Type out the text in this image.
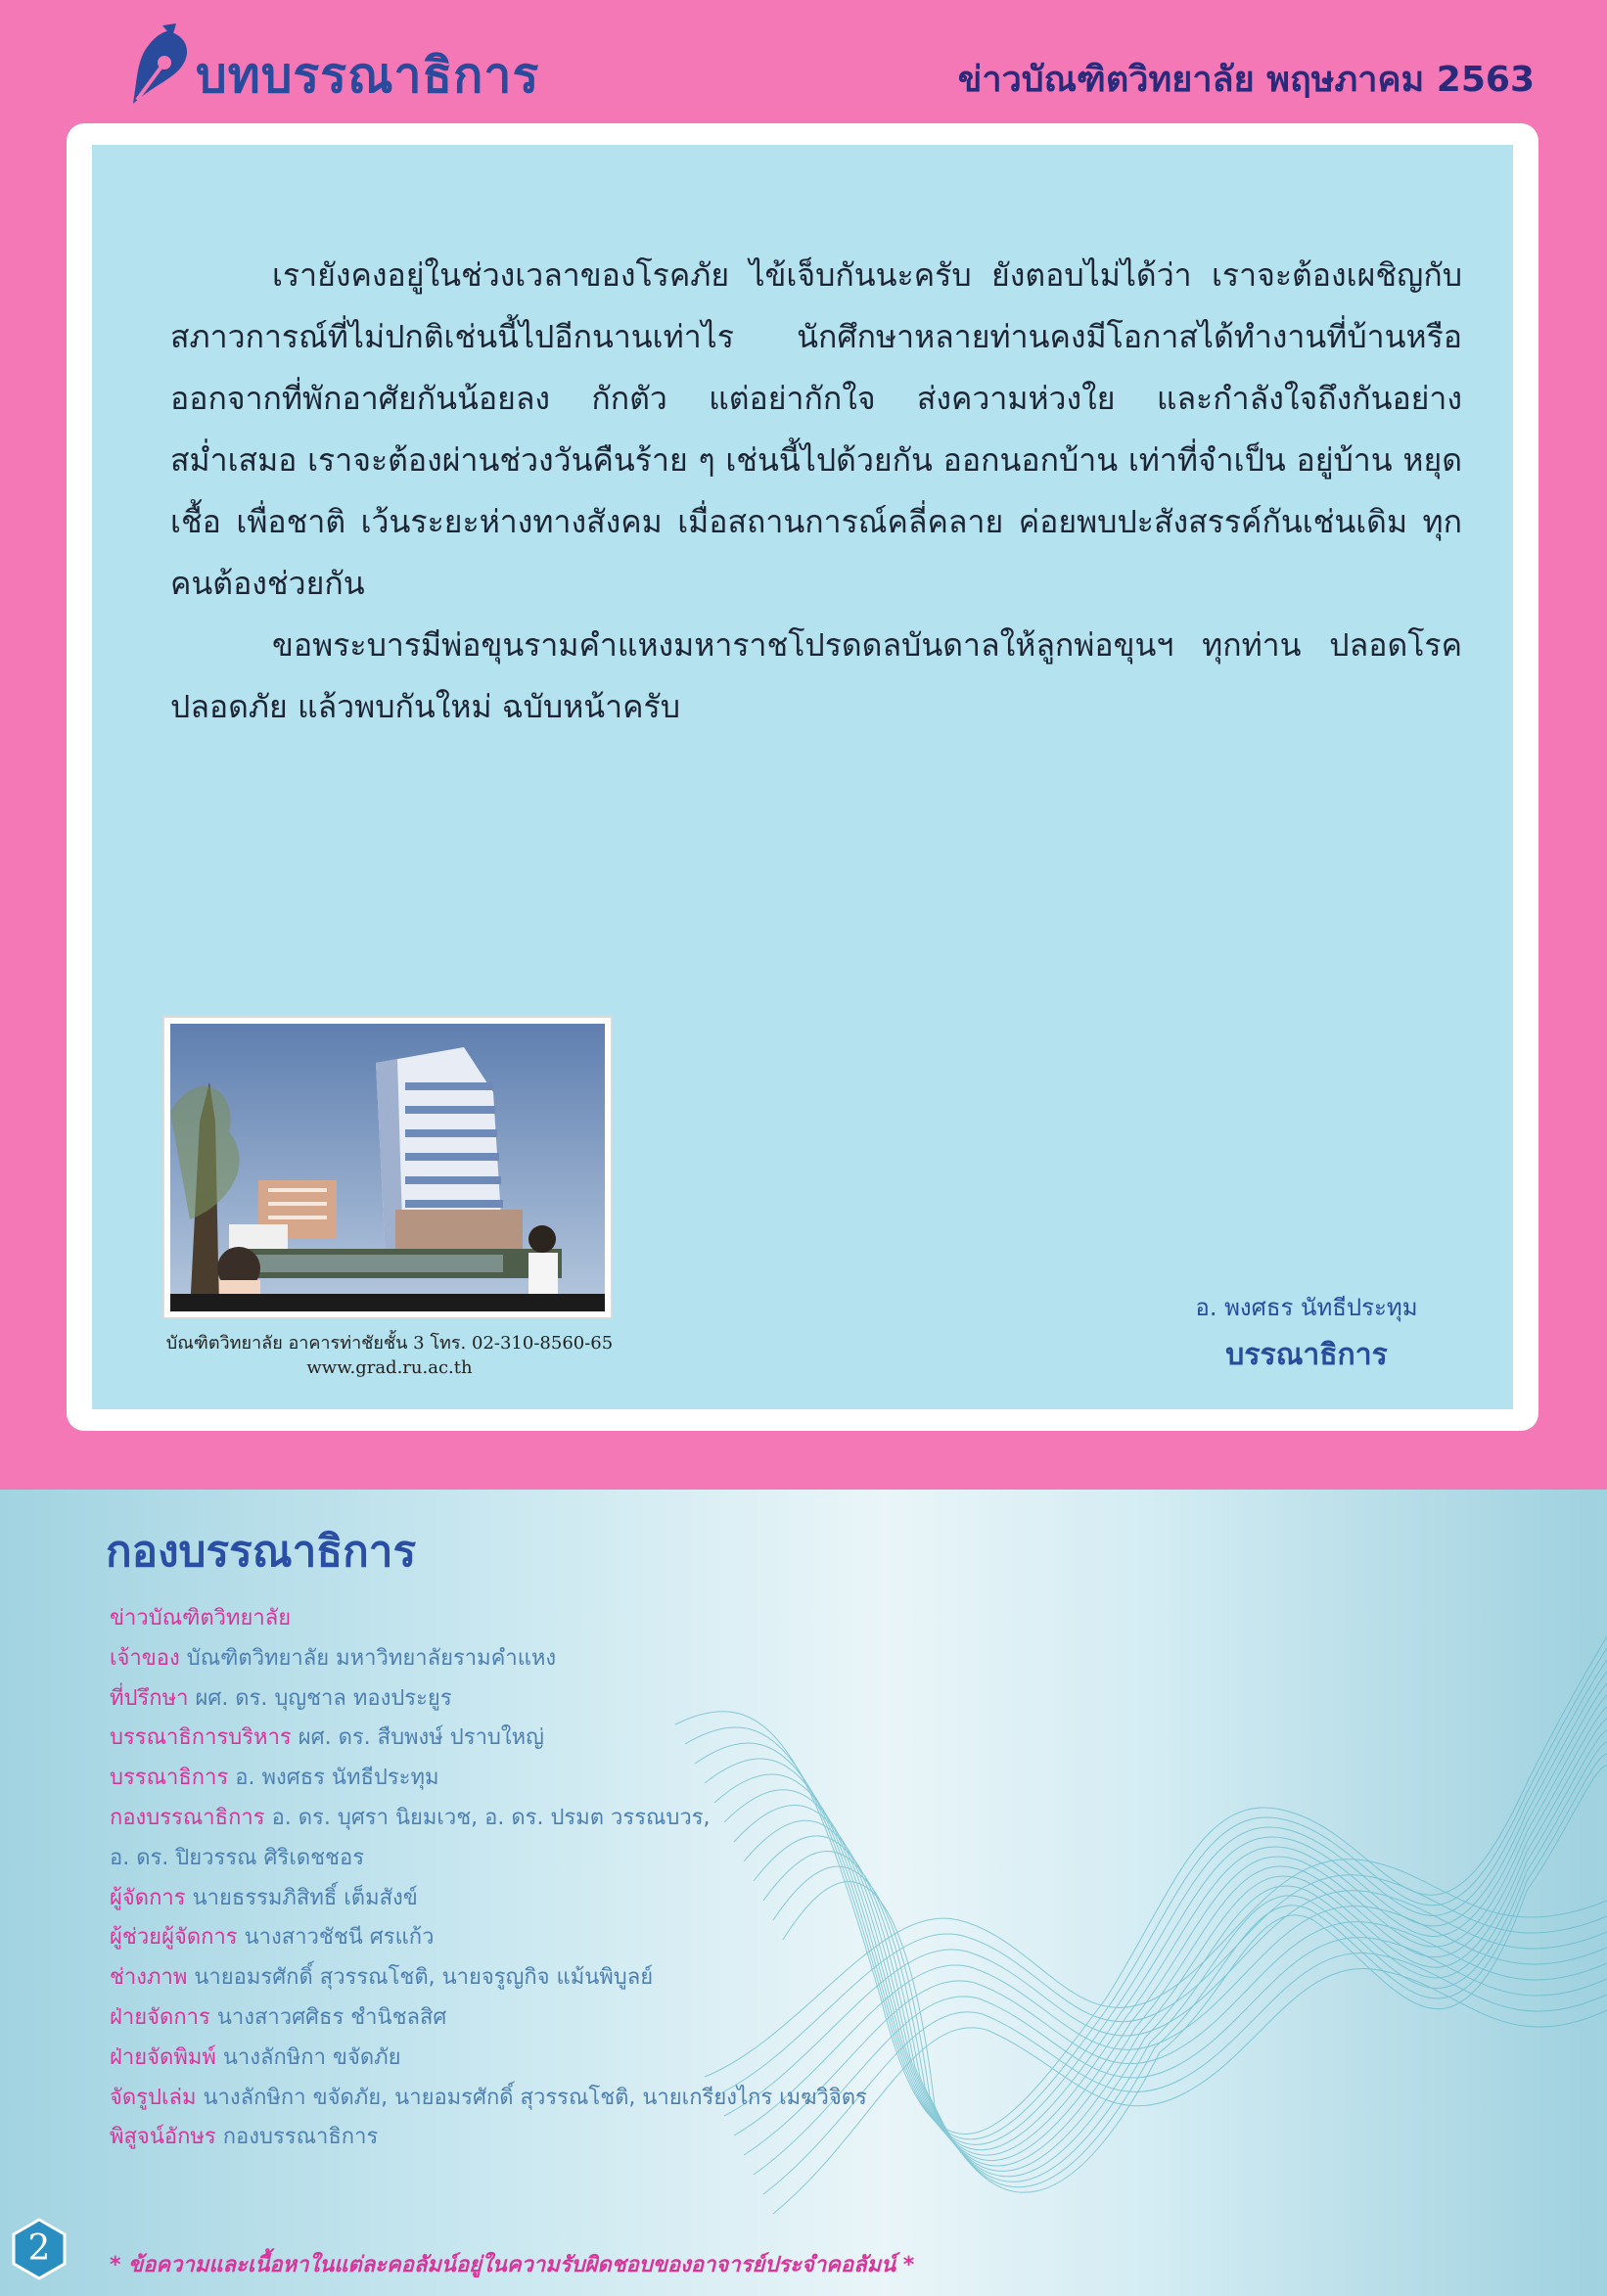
บทบรรณาธิการ	ข่าวบัณฑิตวิทยาลัย พฤษภาคม 2563

เรายังคงอยู่ในช่วงเวลาของโรคภัย ไข้เจ็บกันนะครับ ยังตอบไม่ได้ว่า เราจะต้องเผชิญกับสภาวการณ์ที่ไม่ปกติเช่นนี้ไปอีกนานเท่าไร นักศึกษาหลายท่านคงมีโอกาสได้ทำงานที่บ้านหรือออกจากที่พักอาศัยกันน้อยลง กักตัว แต่อย่ากักใจ ส่งความห่วงใย และกำลังใจถึงกันอย่างสม่ำเสมอ เราจะต้องผ่านช่วงวันคืนร้าย ๆ เช่นนี้ไปด้วยกัน ออกนอกบ้าน เท่าที่จำเป็น อยู่บ้าน หยุดเชื้อ เพื่อชาติ เว้นระยะห่างทางสังคม เมื่อสถานการณ์คลี่คลาย ค่อยพบปะสังสรรค์กันเช่นเดิม ทุกคนต้องช่วยกัน

ขอพระบารมีพ่อขุนรามคำแหงมหาราชโปรดดลบันดาลให้ลูกพ่อขุนฯ ทุกท่าน ปลอดโรค ปลอดภัย แล้วพบกันใหม่ ฉบับหน้าครับ

บัณฑิตวิทยาลัย อาคารท่าชัยชั้น 3 โทร. 02-310-8560-65
www.grad.ru.ac.th
อ. พงศธร นัทธีประทุม
บรรณาธิการ
กองบรรณาธิการ
ข่าวบัณฑิตวิทยาลัย
เจ้าของ บัณฑิตวิทยาลัย มหาวิทยาลัยรามคำแหง
ที่ปรึกษา ผศ. ดร. บุญชาล ทองประยูร
บรรณาธิการบริหาร ผศ. ดร. สืบพงษ์ ปราบใหญ่
บรรณาธิการ อ. พงศธร นัทธีประทุม
กองบรรณาธิการ อ. ดร. บุศรา นิยมเวช, อ. ดร. ปรมต วรรณบวร,
อ. ดร. ปิยวรรณ ศิริเดชชอร
ผู้จัดการ นายธรรมภิสิทธิ์ เต็มสังข์
ผู้ช่วยผู้จัดการ นางสาวชัชนี ศรแก้ว
ช่างภาพ นายอมรศักดิ์ สุวรรณโชติ, นายจรูญกิจ แม้นพิบูลย์
ฝ่ายจัดการ นางสาวศศิธร ชำนิชลสิศ
ฝ่ายจัดพิมพ์ นางลักษิกา ขจัดภัย
จัดรูปเล่ม นางลักษิกา ขจัดภัย, นายอมรศักดิ์ สุวรรณโชติ, นายเกรียงไกร เมฆวิจิตร
พิสูจน์อักษร กองบรรณาธิการ
2	* ข้อความและเนื้อหาในแต่ละคอลัมน์อยู่ในความรับผิดชอบของอาจารย์ประจำคอลัมน์ *
